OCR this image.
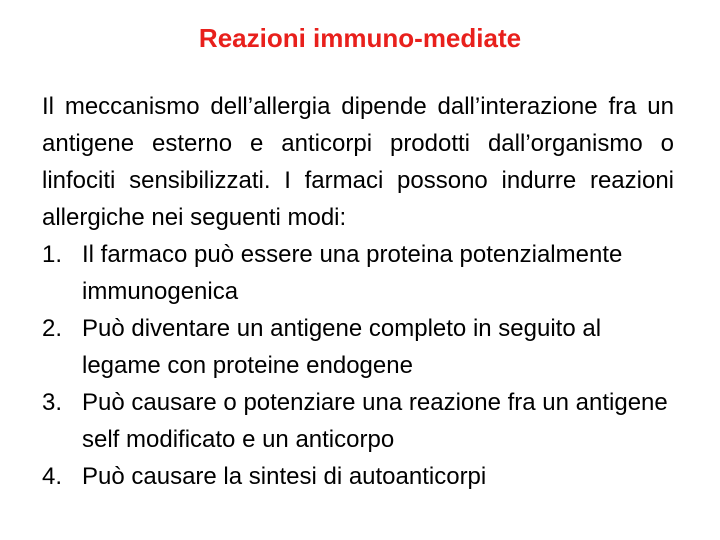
Reazioni immuno-mediate

Il meccanismo dell’allergia dipende dall’interazione fra un antigene esterno e anticorpi prodotti dall’organismo o linfociti sensibilizzati. I farmaci possono indurre reazioni allergiche nei seguenti modi:

1. Il farmaco può essere una proteina potenzialmente immunogenica
2. Può diventare un antigene completo in seguito al legame con proteine endogene
3. Può causare o potenziare una reazione fra un antigene self modificato e un anticorpo
4. Può causare la sintesi di autoanticorpi
